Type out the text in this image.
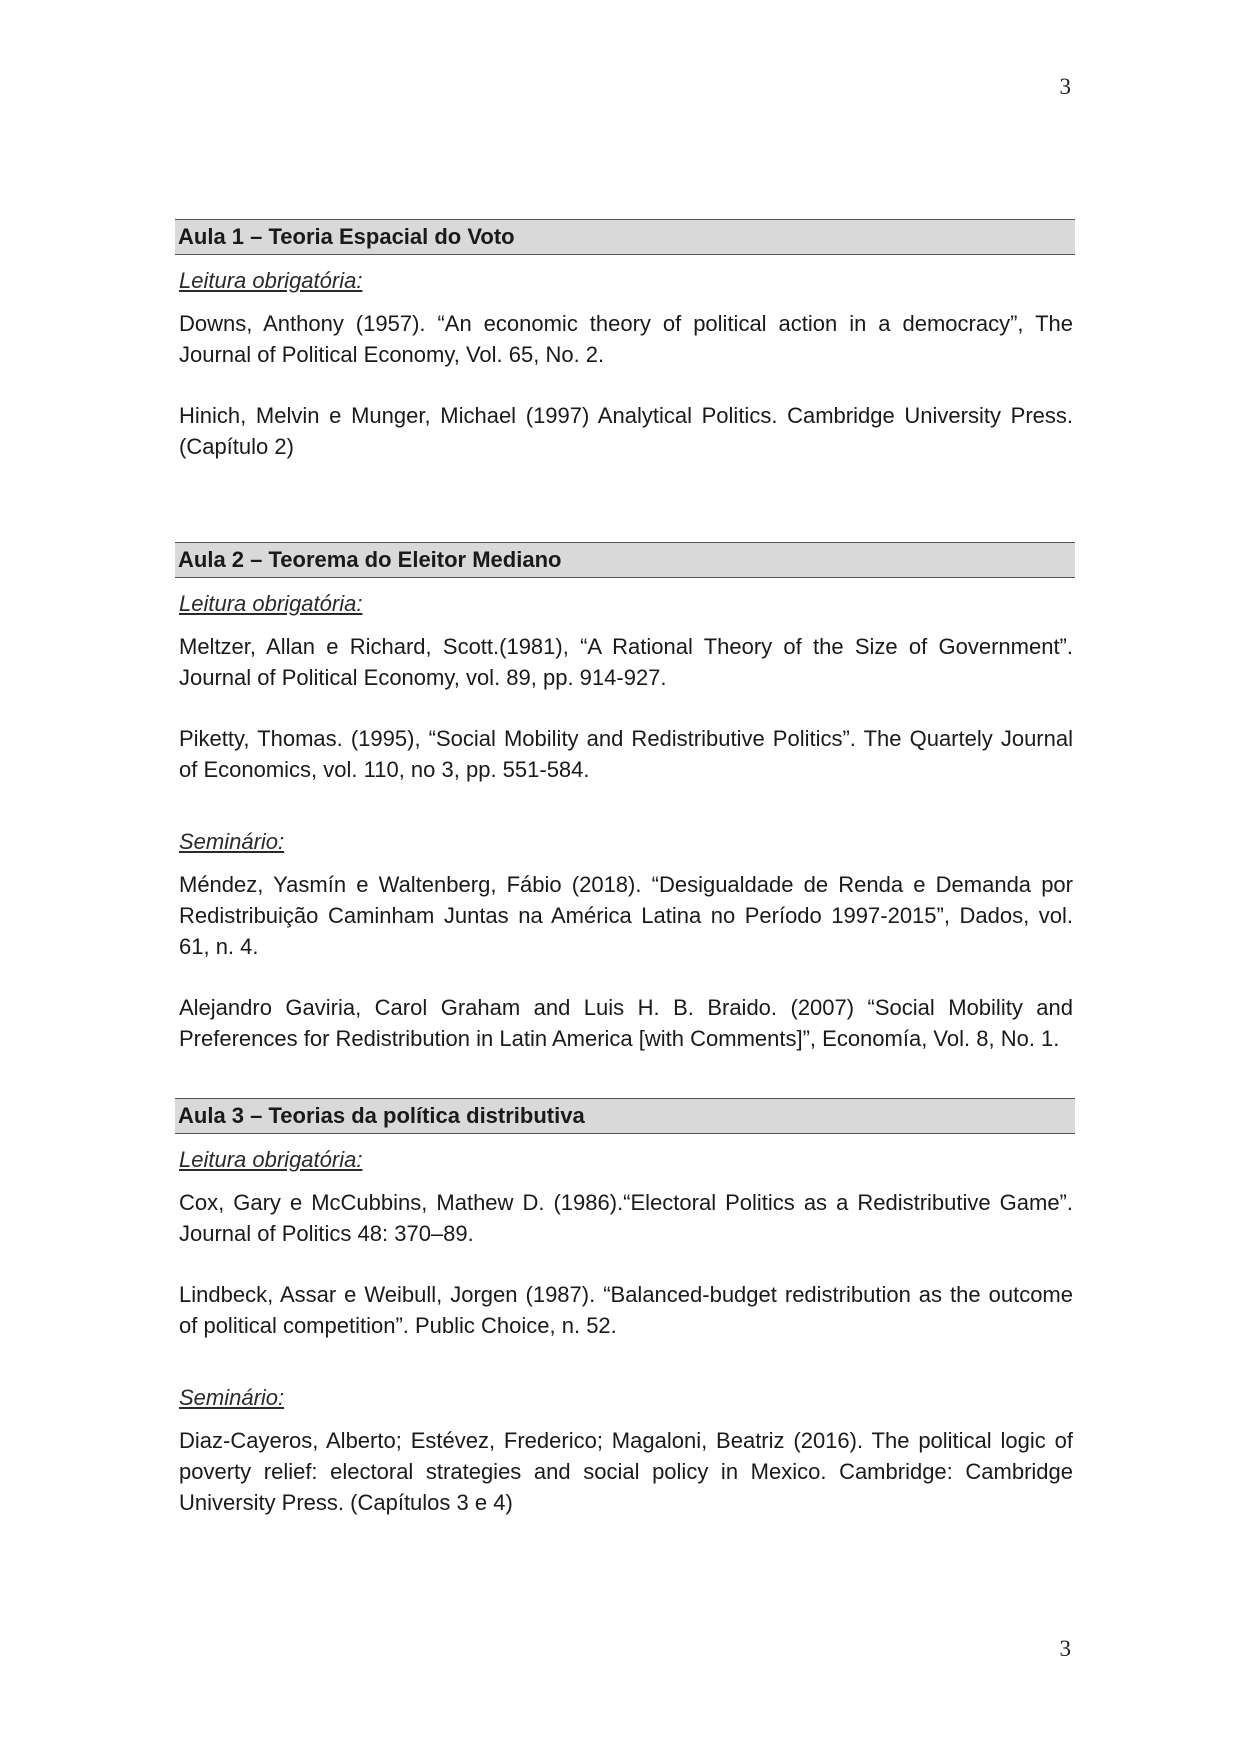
3
Aula 1 – Teoria Espacial do Voto
Leitura obrigatória:

Downs, Anthony (1957). “An economic theory of political action in a democracy”, The Journal of Political Economy, Vol. 65, No. 2.

Hinich, Melvin e Munger, Michael (1997) Analytical Politics. Cambridge University Press. (Capítulo 2)

Aula 2 – Teorema do Eleitor Mediano
Leitura obrigatória:

Meltzer, Allan e Richard, Scott.(1981), “A Rational Theory of the Size of Government”. Journal of Political Economy, vol. 89, pp. 914-927.

Piketty, Thomas. (1995), “Social Mobility and Redistributive Politics”. The Quartely Journal of Economics, vol. 110, no 3, pp. 551-584.

Seminário:

Méndez, Yasmín e Waltenberg, Fábio (2018). “Desigualdade de Renda e Demanda por Redistribuição Caminham Juntas na América Latina no Período 1997-2015”, Dados, vol. 61, n. 4.

Alejandro Gaviria, Carol Graham and Luis H. B. Braido. (2007) “Social Mobility and Preferences for Redistribution in Latin America [with Comments]”, Economía, Vol. 8, No. 1.

Aula 3 – Teorias da política distributiva
Leitura obrigatória:

Cox, Gary e McCubbins, Mathew D. (1986).“Electoral Politics as a Redistributive Game”. Journal of Politics 48: 370–89.

Lindbeck, Assar e Weibull, Jorgen (1987). “Balanced-budget redistribution as the outcome of political competition”. Public Choice, n. 52.

Seminário:

Diaz-Cayeros, Alberto; Estévez, Frederico; Magaloni, Beatriz (2016). The political logic of poverty relief: electoral strategies and social policy in Mexico. Cambridge: Cambridge University Press. (Capítulos 3 e 4)

3
